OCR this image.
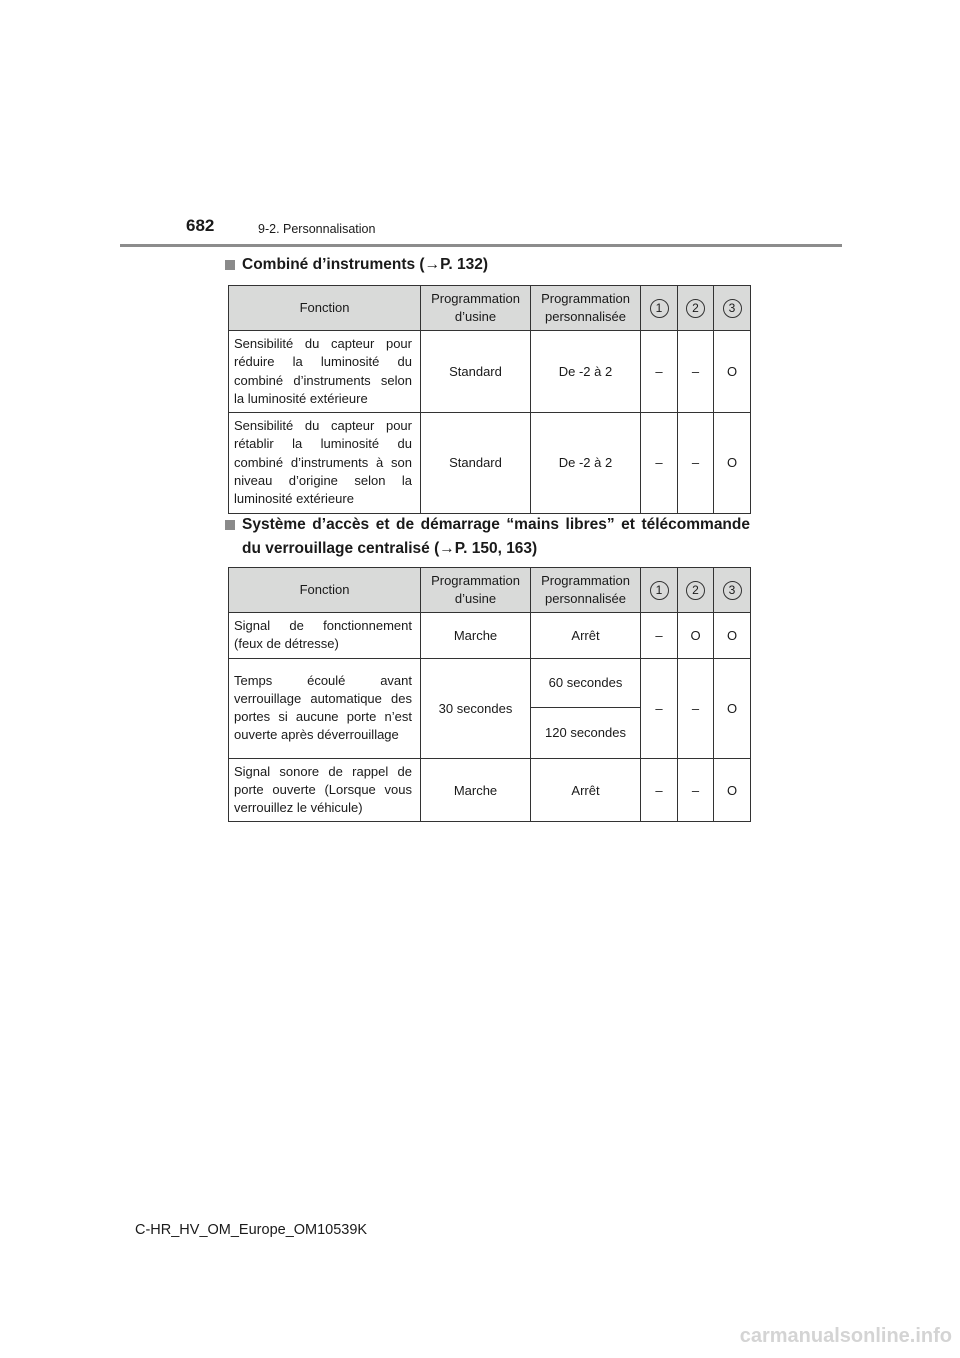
682	9-2. Personnalisation
Combiné d’instruments (→P. 132)
Fonction	Programmation d’usine	Programmation personnalisée	1	2	3
Sensibilité du capteur pour réduire la luminosité du combiné d’instruments selon la luminosité extérieure	Standard	De -2 à 2	–	–	O
Sensibilité du capteur pour rétablir la luminosité du combiné d’instruments à son niveau d’origine selon la luminosité extérieure	Standard	De -2 à 2	–	–	O
Système d’accès et de démarrage “mains libres” et télécommande du verrouillage centralisé (→P. 150, 163)
Fonction	Programmation d’usine	Programmation personnalisée	1	2	3
Signal de fonctionnement (feux de détresse)	Marche	Arrêt	–	O	O
Temps écoulé avant verrouillage automatique des portes si aucune porte n’est ouverte après déverrouillage	30 secondes	60 secondes	–	–	O
		120 secondes			
Signal sonore de rappel de porte ouverte (Lorsque vous verrouillez le véhicule)	Marche	Arrêt	–	–	O
C-HR_HV_OM_Europe_OM10539K
carmanualsonline.info
